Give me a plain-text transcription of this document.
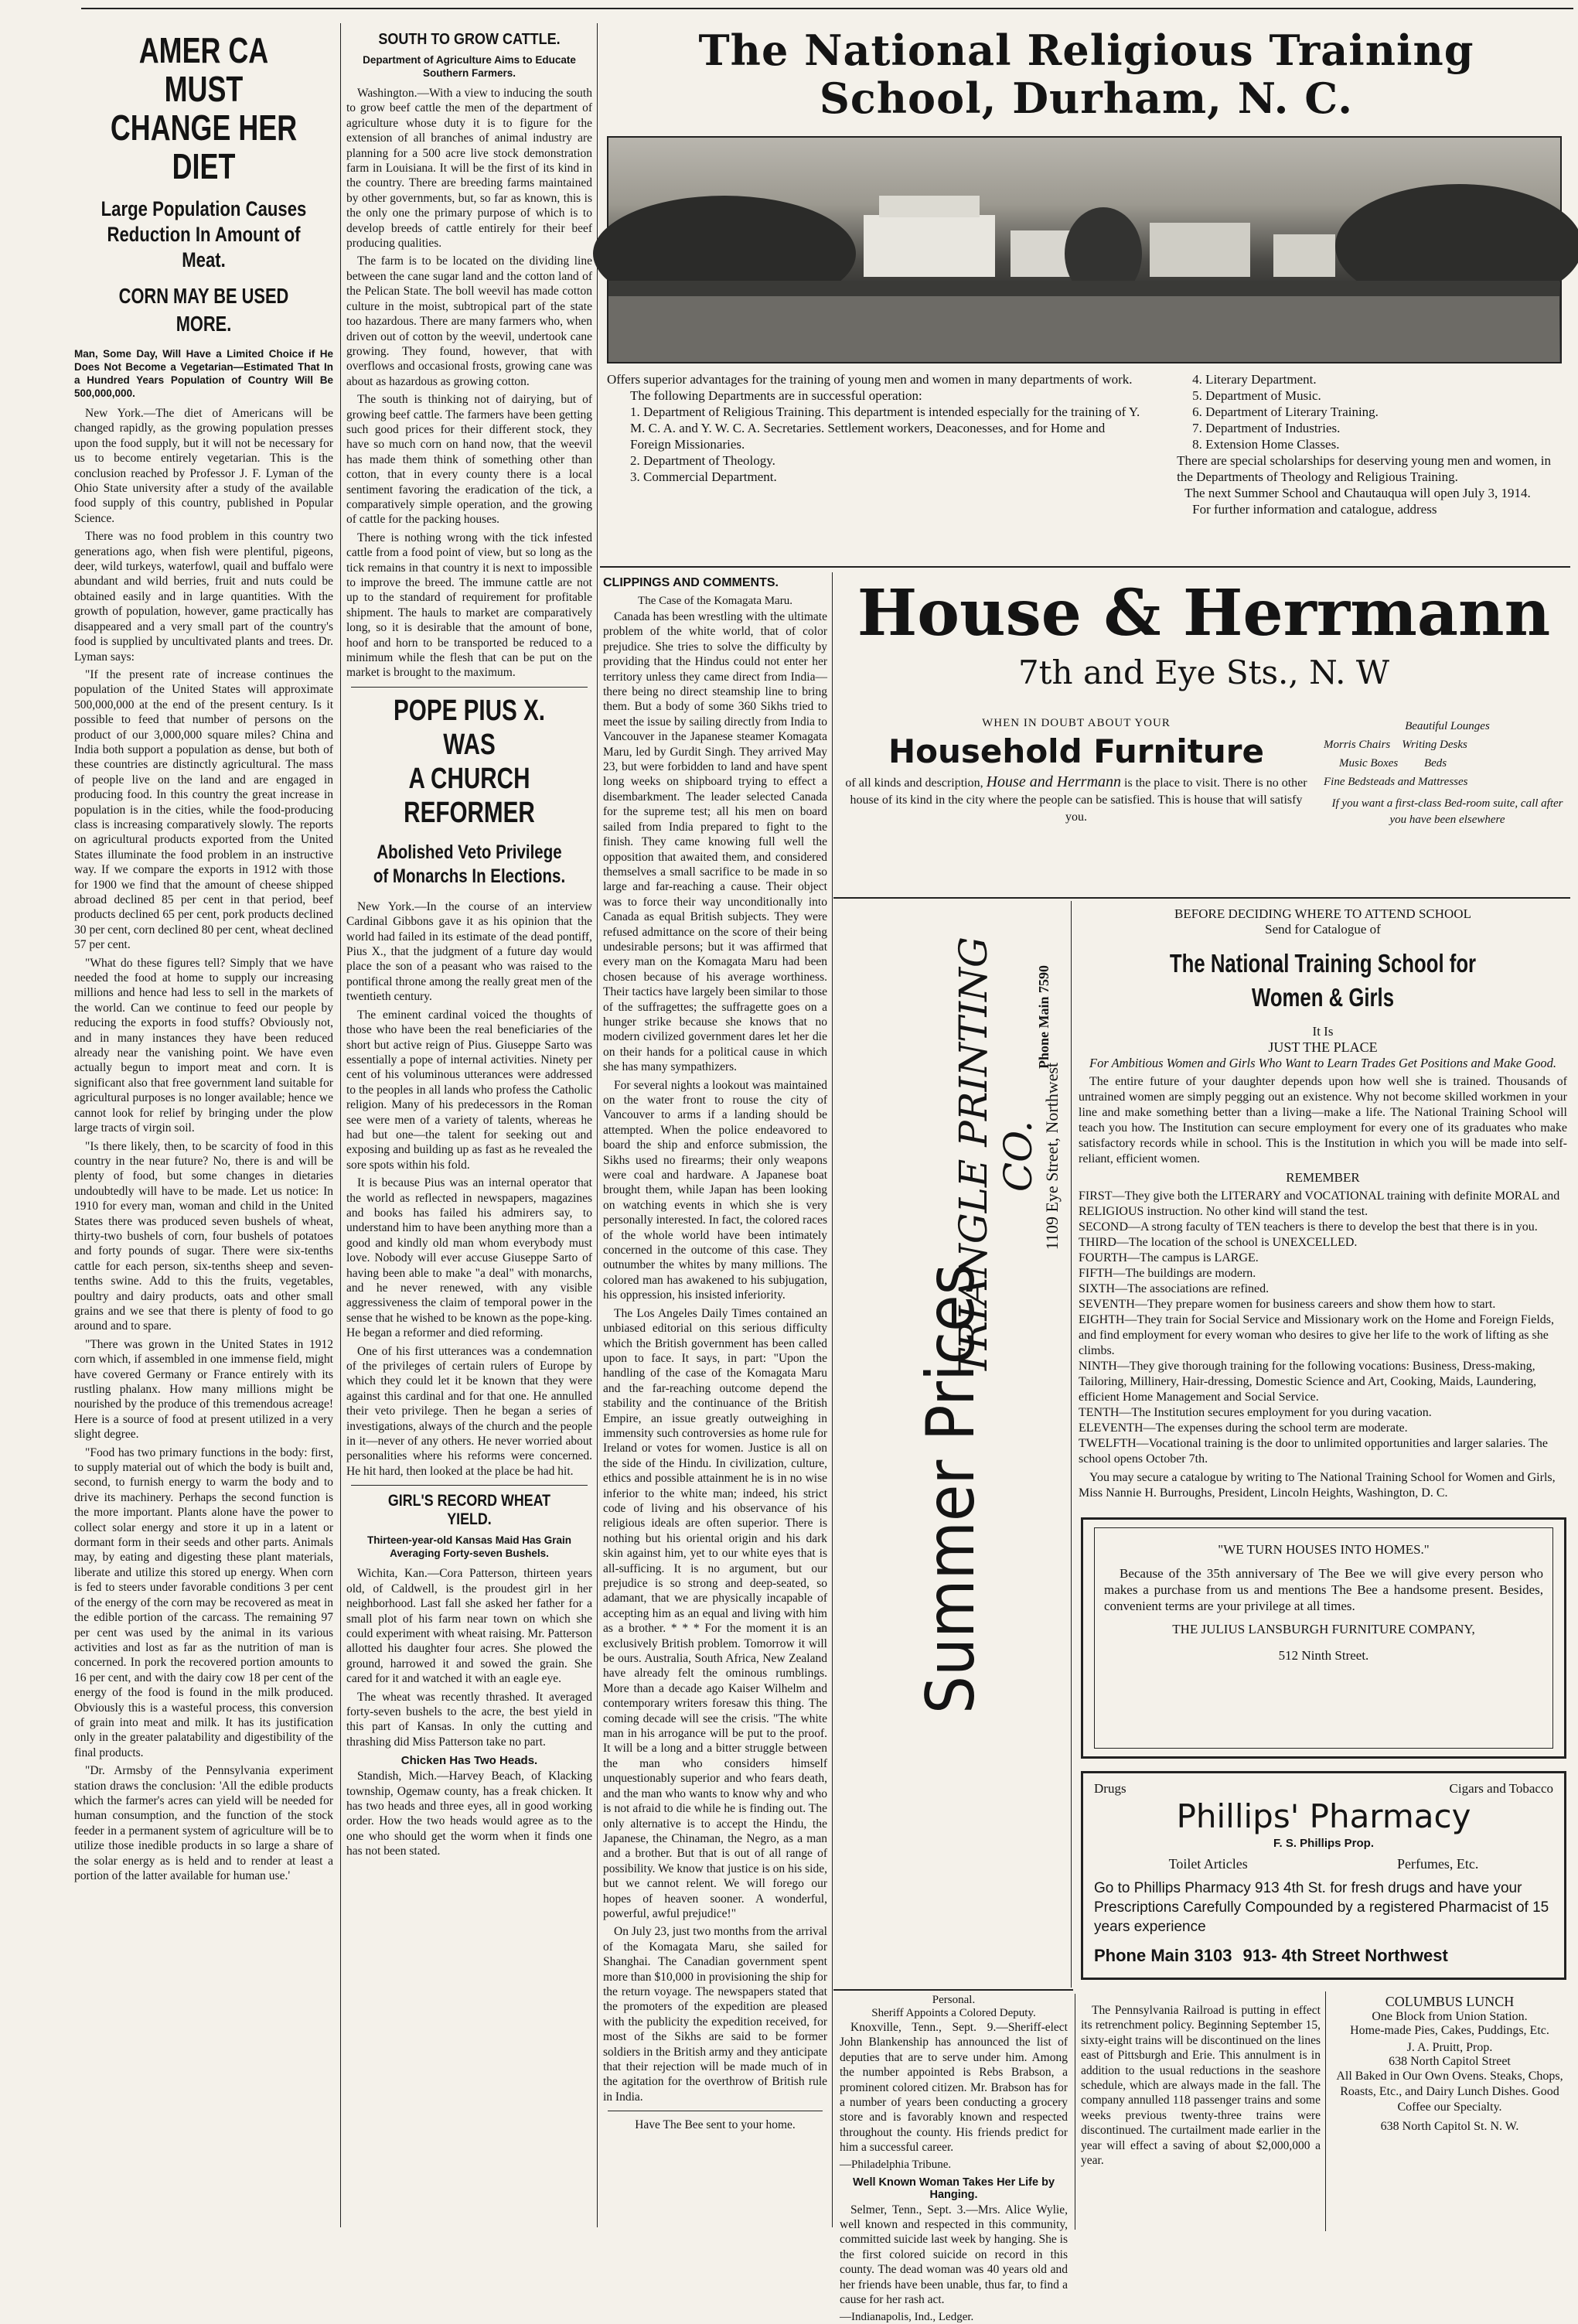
AMER CA MUST
CHANGE HER DIET

Large Population Causes Reduction In Amount of Meat.

CORN MAY BE USED MORE.

Man, Some Day, Will Have a Limited Choice if He Does Not Become a Vegetarian—Estimated That In a Hundred Years Population of Country Will Be 500,000,000.

New York.—The diet of Americans will be changed rapidly, as the growing population presses upon the food supply, but it will not be necessary for us to become entirely vegetarian. This is the conclusion reached by Professor J. F. Lyman of the Ohio State university after a study of the available food supply of this country, published in Popular Science.

There was no food problem in this country two generations ago, when fish were plentiful, pigeons, deer, wild turkeys, waterfowl, quail and buffalo were abundant and wild berries, fruit and nuts could be obtained easily and in large quantities. With the growth of population, however, game practically has disappeared and a very small part of the country's food is supplied by uncultivated plants and trees. Dr. Lyman says:

"If the present rate of increase continues the population of the United States will approximate 500,000,000 at the end of the present century. Is it possible to feed that number of persons on the product of our 3,000,000 square miles? China and India both support a population as dense, but both of these countries are distinctly agricultural. The mass of people live on the land and are engaged in producing food. In this country the great increase in population is in the cities, while the food-producing class is increasing comparatively slowly. The reports on agricultural products exported from the United States illuminate the food problem in an instructive way. If we compare the exports in 1912 with those for 1900 we find that the amount of cheese shipped abroad declined 85 per cent in that period, beef products declined 65 per cent, pork products declined 30 per cent, corn declined 80 per cent, wheat declined 57 per cent.

"What do these figures tell? Simply that we have needed the food at home to supply our increasing millions and hence had less to sell in the markets of the world. Can we continue to feed our people by reducing the exports in food stuffs? Obviously not, and in many instances they have been reduced already near the vanishing point. We have even actually begun to import meat and corn. It is significant also that free government land suitable for agricultural purposes is no longer available; hence we cannot look for relief by bringing under the plow large tracts of virgin soil.

"Is there likely, then, to be scarcity of food in this country in the near future? No, there is and will be plenty of food, but some changes in dietaries undoubtedly will have to be made. Let us notice: In 1910 for every man, woman and child in the United States there was produced seven bushels of wheat, thirty-two bushels of corn, four bushels of potatoes and forty pounds of sugar. There were six-tenths cattle for each person, six-tenths sheep and seven-tenths swine. Add to this the fruits, vegetables, poultry and dairy products, oats and other small grains and we see that there is plenty of food to go around and to spare.

"There was grown in the United States in 1912 corn which, if assembled in one immense field, might have covered Germany or France entirely with its rustling phalanx. How many millions might be nourished by the produce of this tremendous acreage! Here is a source of food at present utilized in a very slight degree.

"Food has two primary functions in the body: first, to supply material out of which the body is built and, second, to furnish energy to warm the body and to drive its machinery. Perhaps the second function is the more important. Plants alone have the power to collect solar energy and store it up in a latent or dormant form in their seeds and other parts. Animals may, by eating and digesting these plant materials, liberate and utilize this stored up energy. When corn is fed to steers under favorable conditions 3 per cent of the energy of the corn may be recovered as meat in the edible portion of the carcass. The remaining 97 per cent was used by the animal in its various activities and lost as far as the nutrition of man is concerned. In pork the recovered portion amounts to 16 per cent, and with the dairy cow 18 per cent of the energy of the food is found in the milk produced. Obviously this is a wasteful process, this conversion of grain into meat and milk. It has its justification only in the greater palatability and digestibility of the final products.

"Dr. Armsby of the Pennsylvania experiment station draws the conclusion: 'All the edible products which the farmer's acres can yield will be needed for human consumption, and the function of the stock feeder in a permanent system of agriculture will be to utilize those inedible products in so large a share of the solar energy as is held and to render at least a portion of the latter available for human use.'

SOUTH TO GROW CATTLE.

Department of Agriculture Aims to Educate Southern Farmers.

Washington.—With a view to inducing the south to grow beef cattle the men of the department of agriculture whose duty it is to figure for the extension of all branches of animal industry are planning for a 500 acre live stock demonstration farm in Louisiana. It will be the first of its kind in the country. There are breeding farms maintained by other governments, but, so far as known, this is the only one the primary purpose of which is to develop breeds of cattle entirely for their beef producing qualities.

The farm is to be located on the dividing line between the cane sugar land and the cotton land of the Pelican State. The boll weevil has made cotton culture in the moist, subtropical part of the state too hazardous. There are many farmers who, when driven out of cotton by the weevil, undertook cane growing. They found, however, that with overflows and occasional frosts, growing cane was about as hazardous as growing cotton.

The south is thinking not of dairying, but of growing beef cattle. The farmers have been getting such good prices for their different stock, they have so much corn on hand now, that the weevil has made them think of something other than cotton, that in every county there is a local sentiment favoring the eradication of the tick, a comparatively simple operation, and the growing of cattle for the packing houses.

There is nothing wrong with the tick infested cattle from a food point of view, but so long as the tick remains in that country it is next to impossible to improve the breed. The immune cattle are not up to the standard of requirement for profitable shipment. The hauls to market are comparatively long, so it is desirable that the amount of bone, hoof and horn to be transported be reduced to a minimum while the flesh that can be put on the market is brought to the maximum.

POPE PIUS X. WAS
A CHURCH REFORMER

Abolished Veto Privilege of Monarchs In Elections.

New York.—In the course of an interview Cardinal Gibbons gave it as his opinion that the world had failed in its estimate of the dead pontiff, Pius X., that the judgment of a future day would place the son of a peasant who was raised to the pontifical throne among the really great men of the twentieth century.

The eminent cardinal voiced the thoughts of those who have been the real beneficiaries of the short but active reign of Pius. Giuseppe Sarto was essentially a pope of internal activities. Ninety per cent of his voluminous utterances were addressed to the peoples in all lands who profess the Catholic religion. Many of his predecessors in the Roman see were men of a variety of talents, whereas he had but one—the talent for seeking out and exposing and building up as fast as he revealed the sore spots within his fold.

It is because Pius was an internal operator that the world as reflected in newspapers, magazines and books has failed his admirers say, to understand him to have been anything more than a good and kindly old man whom everybody must love. Nobody will ever accuse Giuseppe Sarto of having been able to make "a deal" with monarchs, and he never renewed, with any visible aggressiveness the claim of temporal power in the sense that he wished to be known as the pope-king. He began a reformer and died reforming.

One of his first utterances was a condemnation of the privileges of certain rulers of Europe by which they could let it be known that they were against this cardinal and for that one. He annulled their veto privilege. Then he began a series of investigations, always of the church and the people in it—never of any others. He never worried about personalities where his reforms were concerned. He hit hard, then looked at the place be had hit.

GIRL'S RECORD WHEAT YIELD.

Thirteen-year-old Kansas Maid Has Grain Averaging Forty-seven Bushels.

Wichita, Kan.—Cora Patterson, thirteen years old, of Caldwell, is the proudest girl in her neighborhood. Last fall she asked her father for a small plot of his farm near town on which she could experiment with wheat raising. Mr. Patterson allotted his daughter four acres. She plowed the ground, harrowed it and sowed the grain. She cared for it and watched it with an eagle eye.

The wheat was recently thrashed. It averaged forty-seven bushels to the acre, the best yield in this part of Kansas. In only the cutting and thrashing did Miss Patterson take no part.

Chicken Has Two Heads.

Standish, Mich.—Harvey Beach, of Klacking township, Ogemaw county, has a freak chicken. It has two heads and three eyes, all in good working order. How the two heads would agree as to the one who should get the worm when it finds one has not been stated.

The National Religious Training
School, Durham, N. C.

Offers superior advantages for the training of young men and women in many departments of work.

The following Departments are in successful operation:

1. Department of Religious Training. This department is intended especially for the training of Y. M. C. A. and Y. W. C. A. Secretaries. Settlement workers, Deaconesses, and for Home and Foreign Missionaries.

2. Department of Theology.

3. Commercial Department.

4. Literary Department.

5. Department of Music.

6. Department of Literary Training.

7. Department of Industries.

8. Extension Home Classes.

There are special scholarships for deserving young men and women, in the Departments of Theology and Religious Training.

The next Summer School and Chautauqua will open July 3, 1914.

For further information and catalogue, address

CLIPPINGS AND COMMENTS.

The Case of the Komagata Maru.

Canada has been wrestling with the ultimate problem of the white world, that of color prejudice. She tries to solve the difficulty by providing that the Hindus could not enter her territory unless they came direct from India—there being no direct steamship line to bring them. But a body of some 360 Sikhs tried to meet the issue by sailing directly from India to Vancouver in the Japanese steamer Komagata Maru, led by Gurdit Singh. They arrived May 23, but were forbidden to land and have spent long weeks on shipboard trying to effect a disembarkment. The leader selected Canada for the supreme test; all his men on board sailed from India prepared to fight to the finish. They came knowing full well the opposition that awaited them, and considered themselves a small sacrifice to be made in so large and far-reaching a cause. Their object was to force their way unconditionally into Canada as equal British subjects. They were refused admittance on the score of their being undesirable persons; but it was affirmed that every man on the Komagata Maru had been chosen because of his average worthiness. Their tactics have largely been similar to those of the suffragettes; the suffragette goes on a hunger strike because she knows that no modern civilized government dares let her die on their hands for a political cause in which she has many sympathizers.

For several nights a lookout was maintained on the water front to rouse the city of Vancouver to arms if a landing should be attempted. When the police endeavored to board the ship and enforce submission, the Sikhs used no firearms; their only weapons were coal and hardware. A Japanese boat brought them, while Japan has been looking on watching events in which she is very personally interested. In fact, the colored races of the whole world have been intimately concerned in the outcome of this case. They outnumber the whites by many millions. The colored man has awakened to his subjugation, his oppression, his insisted inferiority.

The Los Angeles Daily Times contained an unbiased editorial on this serious difficulty which the British government has been called upon to face. It says, in part: "Upon the handling of the case of the Komagata Maru and the far-reaching outcome depend the stability and the continuance of the British Empire, an issue greatly outweighing in immensity such controversies as home rule for Ireland or votes for women. Justice is all on the side of the Hindu. In civilization, culture, ethics and possible attainment he is in no wise inferior to the white man; indeed, his strict code of living and his observance of his religious ideals are often superior. There is nothing but his oriental origin and his dark skin against him, yet to our white eyes that is all-sufficing. It is no argument, but our prejudice is so strong and deep-seated, so adamant, that we are physically incapable of accepting him as an equal and living with him as a brother. * * * For the moment it is an exclusively British problem. Tomorrow it will be ours. Australia, South Africa, New Zealand have already felt the ominous rumblings. More than a decade ago Kaiser Wilhelm and contemporary writers foresaw this thing. The coming decade will see the crisis. "The white man in his arrogance will be put to the proof. It will be a long and a bitter struggle between the man who considers himself unquestionably superior and who fears death, and the man who wants to know why and who is not afraid to die while he is finding out. The only alternative is to accept the Hindu, the Japanese, the Chinaman, the Negro, as a man and a brother. But that is out of all range of possibility. We know that justice is on his side, but we cannot relent. We will forego our hopes of heaven sooner. A wonderful, powerful, awful prejudice!"

On July 23, just two months from the arrival of the Komagata Maru, she sailed for Shanghai. The Canadian government spent more than $10,000 in provisioning the ship for the return voyage. The newspapers stated that the promoters of the expedition are pleased with the publicity the expedition received, for most of the Sikhs are said to be former soldiers in the British army and they anticipate that their rejection will be made much of in the agitation for the overthrow of British rule in India.

Have The Bee sent to your home.

House & Herrmann
7th and Eye Sts., N. W
WHEN IN DOUBT ABOUT YOUR
Household Furniture
of all kinds and description, House and Herrmann is the place to visit. There is no other house of its kind in the city where the people can be satisfied. This is house that will satisfy you.
Beautiful Lounges
Morris Chairs    Writing Desks
Music Boxes         Beds
Fine Bedsteads and Mattresses

If you want a first-class Bed-room suite, call after you have been elsewhere

Summer Prices
TRIANGLE PRINTING CO. 1109 Eye Street, Northwest
Phone Main 7590

BEFORE DECIDING WHERE TO ATTEND SCHOOL

Send for Catalogue of

The National Training School for Women & Girls

It Is

JUST THE PLACE

For Ambitious Women and Girls Who Want to Learn Trades Get Positions and Make Good.

The entire future of your daughter depends upon how well she is trained. Thousands of untrained women are simply pegging out an existence. Why not become skilled workmen in your line and make something better than a living—make a life. The National Training School will teach you how. The Institution can secure employment for every one of its graduates who make satisfactory records while in school. This is the Institution in which you will be made into self-reliant, efficient women.

REMEMBER

FIRST—They give both the LITERARY and VOCATIONAL training with definite MORAL and RELIGIOUS instruction. No other kind will stand the test.

SECOND—A strong faculty of TEN teachers is there to develop the best that there is in you.

THIRD—The location of the school is UNEXCELLED.

FOURTH—The campus is LARGE.

FIFTH—The buildings are modern.

SIXTH—The associations are refined.

SEVENTH—They prepare women for business careers and show them how to start.

EIGHTH—They train for Social Service and Missionary work on the Home and Foreign Fields, and find employment for every woman who desires to give her life to the work of lifting as she climbs.

NINTH—They give thorough training for the following vocations: Business, Dress-making, Tailoring, Millinery, Hair-dressing, Domestic Science and Art, Cooking, Maids, Laundering, efficient Home Management and Social Service.

TENTH—The Institution secures employment for you during vacation.

ELEVENTH—The expenses during the school term are moderate.

TWELFTH—Vocational training is the door to unlimited opportunities and larger salaries. The school opens October 7th.

You may secure a catalogue by writing to The National Training School for Women and Girls, Miss Nannie H. Burroughs, President, Lincoln Heights, Washington, D. C.

"WE TURN HOUSES INTO HOMES."

Because of the 35th anniversary of The Bee we will give every person who makes a purchase from us and mentions The Bee a handsome present. Besides, convenient terms are your privilege at all times.

THE JULIUS LANSBURGH FURNITURE COMPANY,

512 Ninth Street.

Personal.

Sheriff Appoints a Colored Deputy.

Knoxville, Tenn., Sept. 9.—Sheriff-elect John Blankenship has announced the list of deputies that are to serve under him. Among the number appointed is Rebs Brabson, a prominent colored citizen. Mr. Brabson has for a number of years been conducting a grocery store and is favorably known and respected throughout the county. His friends predict for him a successful career.

—Philadelphia Tribune.

Well Known Woman Takes Her Life by Hanging.

Selmer, Tenn., Sept. 3.—Mrs. Alice Wylie, well known and respected in this community, committed suicide last week by hanging. She is the first colored suicide on record in this county. The dead woman was 40 years old and her friends have been unable, thus far, to find a cause for her rash act.

—Indianapolis, Ind., Ledger.

Drugs	Cigars and Tobacco

Phillips' Pharmacy

F. S. Phillips Prop.

Toilet Articles	Perfumes, Etc.

Go to Phillips Pharmacy 913 4th St. for fresh drugs and have your Prescriptions Carefully Compounded by a registered Pharmacist of 15 years experience

Phone Main 3103 913- 4th Street Northwest

The Pennsylvania Railroad is putting in effect its retrenchment policy. Beginning September 15, sixty-eight trains will be discontinued on the lines east of Pittsburgh and Erie. This annulment is in addition to the usual reductions in the seashore schedule, which are always made in the fall. The company annulled 118 passenger trains and some weeks previous twenty-three trains were discontinued. The curtailment made earlier in the year will effect a saving of about $2,000,000 a year.

COLUMBUS LUNCH

One Block from Union Station.

Home-made Pies, Cakes, Puddings, Etc.

J. A. Pruitt, Prop.

638 North Capitol Street

All Baked in Our Own Ovens. Steaks, Chops, Roasts, Etc., and Dairy Lunch Dishes. Good Coffee our Specialty.

638 North Capitol St. N. W.
